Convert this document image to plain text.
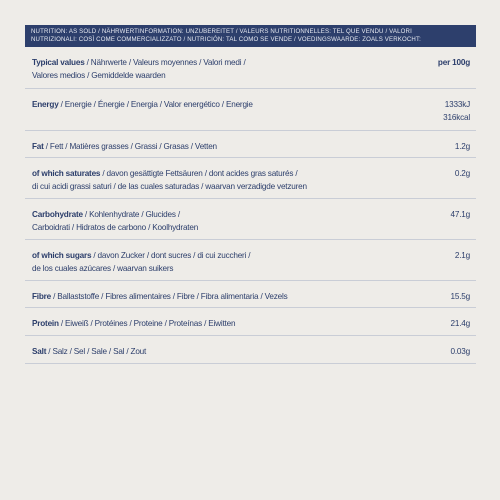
NUTRITION: AS SOLD / NÄHRWERTINFORMATION: UNZUBEREITET / VALEURS NUTRITIONNELLES: TEL QUE VENDU / VALORI
NUTRIZIONALI: COSÌ COME COMMERCIALIZZATO / NUTRICIÓN: TAL COMO SE VENDE / VOEDINGSWAARDE: ZOALS VERKOCHT:
Typical values / Nährwerte / Valeurs moyennes / Valori medi /
Valores medios / Gemiddelde waarden
per 100g
Energy / Energie / Énergie / Energia / Valor energético / Energie	1333kJ
316kcal
Fat / Fett / Matières grasses / Grassi / Grasas / Vetten	1.2g
of which saturates / davon gesättigte Fettsäuren / dont acides gras saturés /
di cui acidi grassi saturi / de las cuales saturadas / waarvan verzadigde vetzuren
0.2g
Carbohydrate / Kohlenhydrate / Glucides /
Carboidrati / Hidratos de carbono / Koolhydraten
47.1g
of which sugars / davon Zucker / dont sucres / di cui zuccheri /
de los cuales azúcares / waarvan suikers
2.1g
Fibre / Ballaststoffe / Fibres alimentaires / Fibre / Fibra alimentaria / Vezels	15.5g
Protein / Eiweiß / Protéines / Proteine / Proteínas / Eiwitten	21.4g
Salt / Salz / Sel / Sale / Sal / Zout	0.03g
